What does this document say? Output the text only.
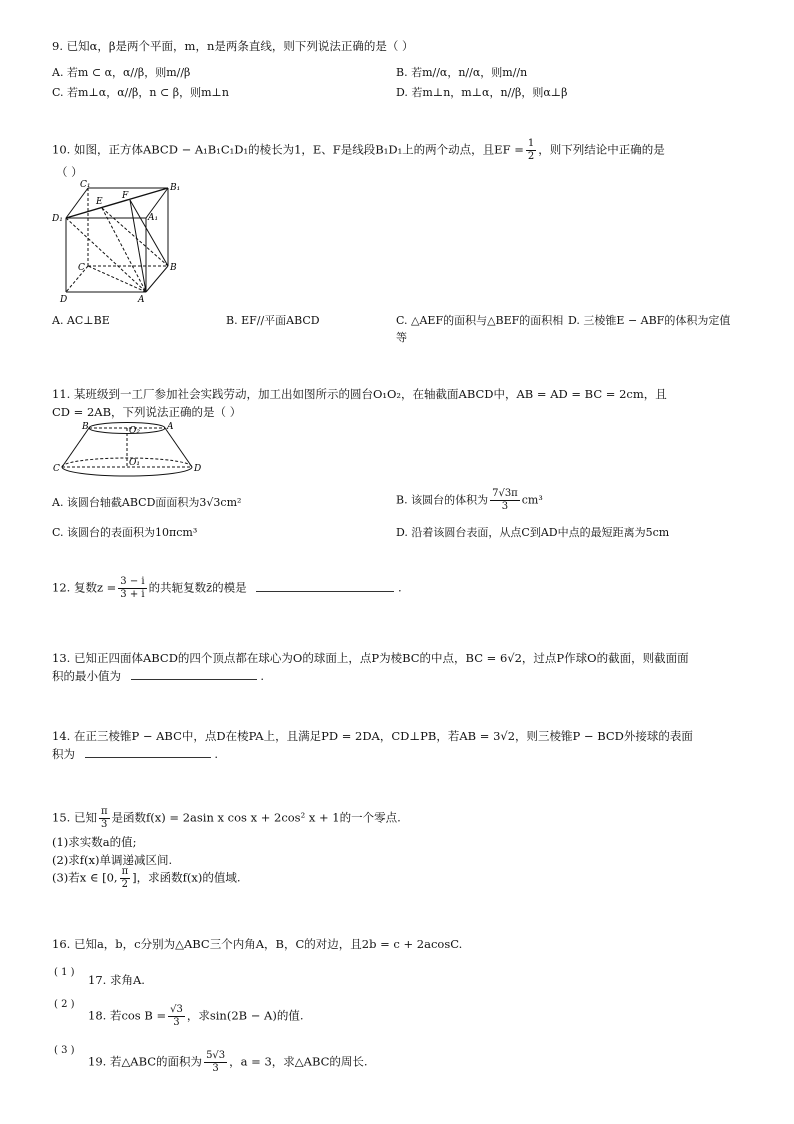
9. 已知α，β是两个平面，m，n是两条直线，则下列说法正确的是（ ）
A. 若m ⊂ α，α//β，则m//β	B. 若m//α，n//α，则m//n
C. 若m⊥α，α//β，n ⊂ β，则m⊥n	D. 若m⊥n，m⊥α，n//β，则α⊥β
10. 如图，正方体ABCD − A₁B₁C₁D₁的棱长为1，E、F是线段B₁D₁上的两个动点，且EF = $\frac{1}{2}$ ，则下列结论中正确的是
（ ）
C₁
E
F
B₁
D₁	A₁
C	B
D	A
A. AC⊥BE	B. EF//平面ABCD	C. △AEF的面积与△BEF的面积相等
D. 三棱锥E − ABF的体积为定值
11. 某班级到一工厂参加社会实践劳动，加工出如图所示的圆台O₁O₂，在轴截面ABCD中，AB = AD = BC = 2cm，且
CD = 2AB，下列说法正确的是（ ）
B	O₂	A
O₁
C	D
A. 该圆台轴截ABCD面面积为3√3cm²	B. 该圆台的体积为 $\frac{7√3\pi}{3} cm^3$
C. 该圆台的表面积为10πcm³	D. 沿着该圆台表面，从点C到AD中点的最短距离为5cm
12. 复数$z = \frac{3 - i}{3 + i}$ 的共轭复数z̄的模是	.
13. 已知正四面体ABCD的四个顶点都在球心为O的球面上，点P为棱BC的中点，BC = 6√2，过点P作球O的截面，则截面面
积的最小值为	.
14. 在正三棱锥P − ABC中，点D在棱PA上，且满足PD = 2DA，CD⊥PB，若AB = 3√2，则三棱锥P − BCD外接球的表面
积为	.
15. 已知 $\frac{\pi}{3}$ 是函数f(x) = 2asin x cos x + 2cos² x + 1的一个零点.
(1)求实数a的值;
(2)求f(x)单调递减区间.
(3)若x ∈ [0, $\frac{\pi}{2}$ ]，求函数f(x)的值域.
16. 已知a，b，c分别为△ABC三个内角A，B，C的对边，且2b = c + 2acosC.
( 1 )
17. 求角A.
( 2 )
18. 若$\cos B = \frac{√3}{3}$ ，求sin(2B − A)的值.
( 3 )
19. 若△ABC的面积为 $\frac{5√3}{3}$ ，a = 3，求△ABC的周长.
